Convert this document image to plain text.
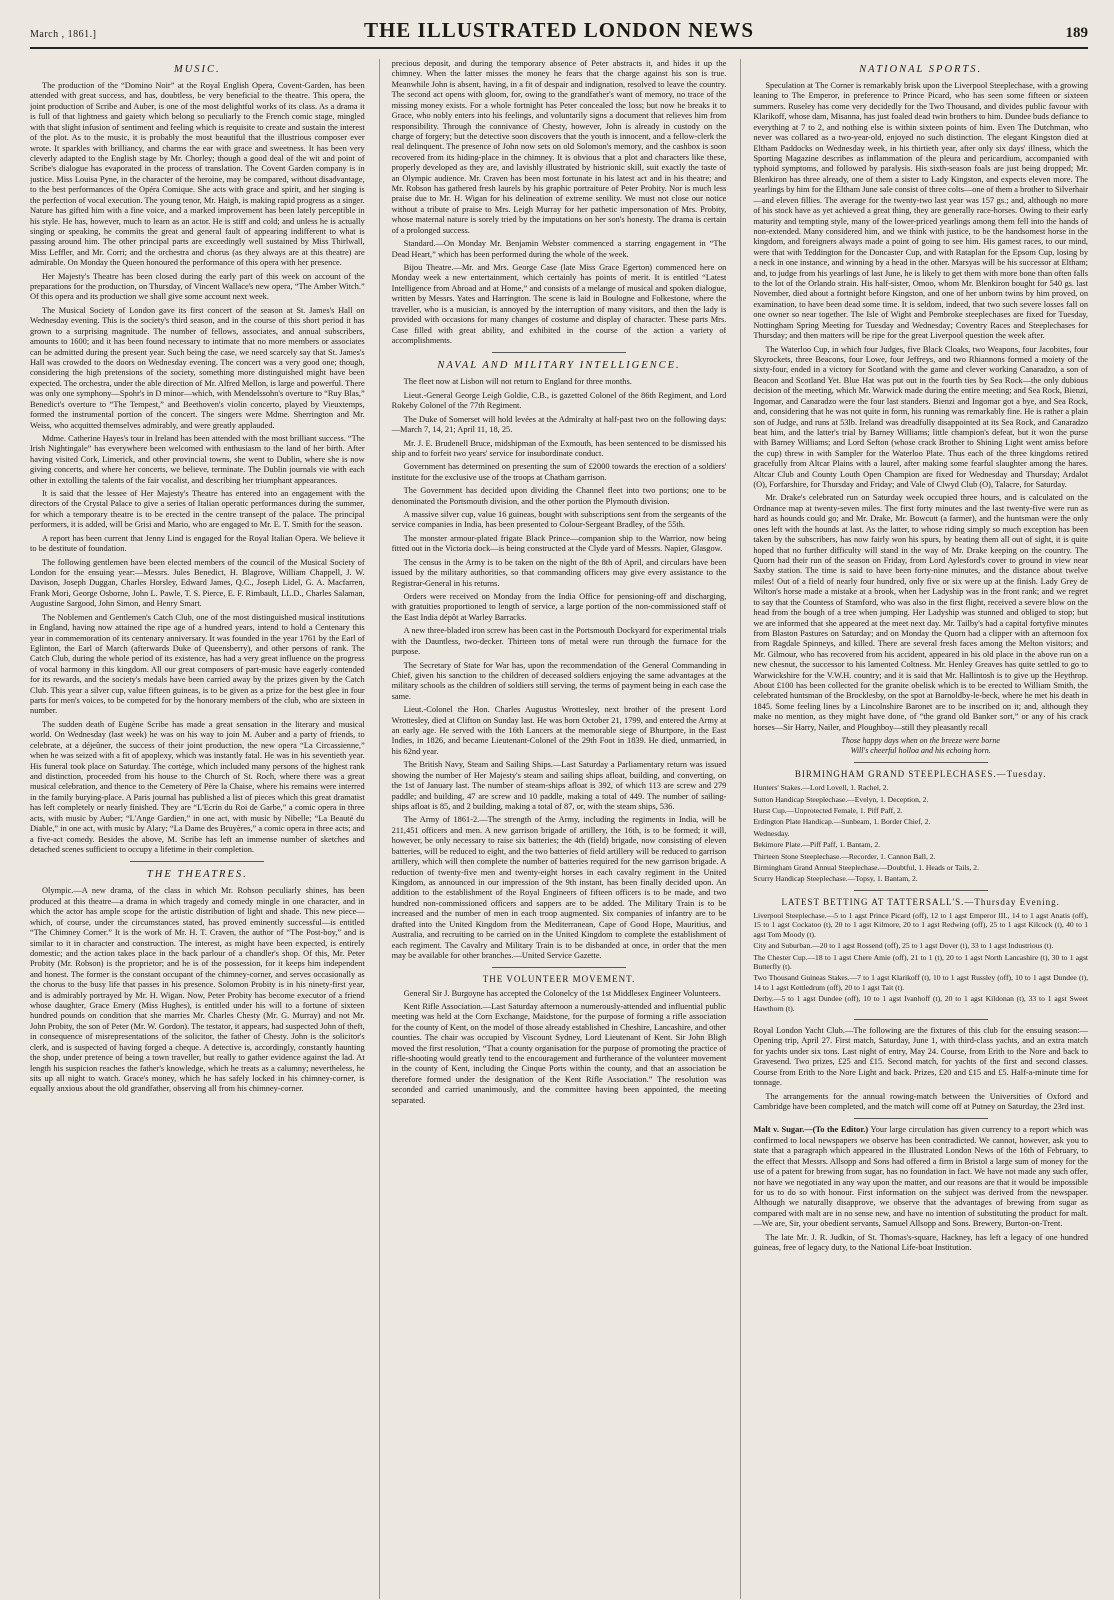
March , 1861.]	THE ILLUSTRATED LONDON NEWS	189
MUSIC.

The production of the “Domino Noir” at the Royal English Opera, Covent-Garden, has been attended with great success, and has, doubtless, be very beneficial to the theatre. This opera, the joint production of Scribe and Auber, is one of the most delightful works of its class. As a drama it is full of that lightness and gaiety which belong so peculiarly to the French comic stage, mingled with that slight infusion of sentiment and feeling which is requisite to create and sustain the interest of the plot. As to the music, it is probably the most beautiful that the illustrious composer ever wrote. It sparkles with brilliancy, and charms the ear with grace and sweetness. It has been very cleverly adapted to the English stage by Mr. Chorley; though a good deal of the wit and point of Scribe's dialogue has evaporated in the process of translation. The Covent Garden company is in justice. Miss Louisa Pyne, in the character of the heroine, may be compared, without disadvantage, to the best performances of the Opéra Comique. She acts with grace and spirit, and her singing is the perfection of vocal execution. The young tenor, Mr. Haigh, is making rapid progress as a singer. Nature has gifted him with a fine voice, and a marked improvement has been lately perceptible in his style. He has, however, much to learn as an actor. He is stiff and cold; and unless he is actually singing or speaking, he commits the great and general fault of appearing indifferent to what is passing around him. The other principal parts are exceedingly well sustained by Miss Thirlwall, Miss Leffler, and Mr. Corri; and the orchestra and chorus (as they always are at this theatre) are admirable. On Monday the Queen honoured the performance of this opera with her presence.

Her Majesty's Theatre has been closed during the early part of this week on account of the preparations for the production, on Thursday, of Vincent Wallace's new opera, “The Amber Witch.” Of this opera and its production we shall give some account next week.

The Musical Society of London gave its first concert of the season at St. James's Hall on Wednesday evening. This is the society's third season, and in the course of this short period it has grown to a surprising magnitude. The number of fellows, associates, and annual subscribers, amounts to 1600; and it has been found necessary to intimate that no more members or associates can be admitted during the present year. Such being the case, we need scarcely say that St. James's Hall was crowded to the doors on Wednesday evening. The concert was a very good one; though, considering the high pretensions of the society, something more distinguished might have been expected. The orchestra, under the able direction of Mr. Alfred Mellon, is large and powerful. There was only one symphony—Spohr's in D minor—which, with Mendelssohn's overture to “Ruy Blas,” Benedict's overture to “The Tempest,” and Beethoven's violin concerto, played by Vieuxtemps, formed the instrumental portion of the concert. The singers were Mdme. Sherrington and Mr. Weiss, who acquitted themselves admirably, and were greatly applauded.

Mdme. Catherine Hayes's tour in Ireland has been attended with the most brilliant success. “The Irish Nightingale” has everywhere been welcomed with enthusiasm to the land of her birth. After having visited Cork, Limerick, and other provincial towns, she went to Dublin, where she is now giving concerts, and where her concerts, we believe, terminate. The Dublin journals vie with each other in extolling the talents of the fair vocalist, and describing her triumphant appearances.

It is said that the lessee of Her Majesty's Theatre has entered into an engagement with the directors of the Crystal Palace to give a series of Italian operatic performances during the summer, for which a temporary theatre is to be erected in the centre transept of the palace. The principal performers, it is added, will be Grisi and Mario, who are engaged to Mr. E. T. Smith for the season.

A report has been current that Jenny Lind is engaged for the Royal Italian Opera. We believe it to be destitute of foundation.

The following gentlemen have been elected members of the council of the Musical Society of London for the ensuing year:—Messrs. Jules Benedict, H. Blagrove, William Chappell, J. W. Davison, Joseph Duggan, Charles Horsley, Edward James, Q.C., Joseph Lidel, G. A. Macfarren, Frank Mori, George Osborne, John L. Pawle, T. S. Pierce, E. F. Rimbault, LL.D., Charles Salaman, Augustine Sargood, John Simon, and Henry Smart.

The Noblemen and Gentlemen's Catch Club, one of the most distinguished musical institutions in England, having now attained the ripe age of a hundred years, intend to hold a Centenary this year in commemoration of its centenary anniversary. It was founded in the year 1761 by the Earl of Eglinton, the Earl of March (afterwards Duke of Queensberry), and other persons of rank. The Catch Club, during the whole period of its existence, has had a very great influence on the progress of vocal harmony in this kingdom. All our great composers of part-music have eagerly contended for its rewards, and the society's medals have been carried away by the prizes given by the Catch Club. This year a silver cup, value fifteen guineas, is to be given as a prize for the best glee in four parts for men's voices, to be competed for by the honorary members of the club, who are sixteen in number.

The sudden death of Eugène Scribe has made a great sensation in the literary and musical world. On Wednesday (last week) he was on his way to join M. Auber and a party of friends, to celebrate, at a déjeûner, the success of their joint production, the new opera “La Circassienne,” when he was seized with a fit of apoplexy, which was instantly fatal. He was in his seventieth year. His funeral took place on Saturday. The cortège, which included many persons of the highest rank and distinction, proceeded from his house to the Church of St. Roch, where there was a great musical celebration, and thence to the Cemetery of Père la Chaise, where his remains were interred in the family burying-place. A Paris journal has published a list of pieces which this great dramatist has left completely or nearly finished. They are “L'Ecrin du Roi de Garbe,” a comic opera in three acts, with music by Auber; “L'Ange Gardien,” in one act, with music by Nibelle; “La Beauté du Diable,” in one act, with music by Alary; “La Dame des Bruyères,” a comic opera in three acts; and a five-act comedy. Besides the above, M. Scribe has left an immense number of sketches and detached scenes sufficient to occupy a lifetime in their completion.

THE THEATRES.

Olympic.—A new drama, of the class in which Mr. Robson peculiarly shines, has been produced at this theatre—a drama in which tragedy and comedy mingle in one character, and in which the actor has ample scope for the artistic distribution of light and shade. This new piece—which, of course, under the circumstances stated, has proved eminently successful—is entitled “The Chimney Corner.” It is the work of Mr. H. T. Craven, the author of “The Post-boy,” and is similar to it in character and construction. The interest, as might have been expected, is entirely domestic; and the action takes place in the back parlour of a chandler's shop. Of this, Mr. Peter Probity (Mr. Robson) is the proprietor; and he is of the possession, for it keeps him independent and honest. The former is the constant occupant of the chimney-corner, and serves occasionally as the chorus to the busy life that passes in his presence. Solomon Probity is in his ninety-first year, and is admirably portrayed by Mr. H. Wigan. Now, Peter Probity has become executor of a friend whose daughter, Grace Emery (Miss Hughes), is entitled under his will to a fortune of sixteen hundred pounds on condition that she marries Mr. Charles Chesty (Mr. G. Murray) and not Mr. John Probity, the son of Peter (Mr. W. Gordon). The testator, it appears, had suspected John of theft, in consequence of misrepresentations of the solicitor, the father of Chesty. John is the solicitor's clerk, and is suspected of having forged a cheque. A detective is, accordingly, constantly haunting the shop, under pretence of being a town traveller, but really to gather evidence against the lad. At length his suspicion reaches the father's knowledge, which he treats as a calumny; nevertheless, he sits up all night to watch. Grace's money, which he has safely locked in his chimney-corner, is equally anxious about the old grandfather, observing all from his chimney-corner.

precious deposit, and during the temporary absence of Peter abstracts it, and hides it up the chimney. When the latter misses the money he fears that the charge against his son is true. Meanwhile John is absent, having, in a fit of despair and indignation, resolved to leave the country. The second act opens with gloom, for, owing to the grandfather's want of memory, no trace of the missing money exists. For a whole fortnight has Peter concealed the loss; but now he breaks it to Grace, who nobly enters into his feelings, and voluntarily signs a document that relieves him from responsibility. Through the connivance of Chesty, however, John is already in custody on the charge of forgery; but the detective soon discovers that the youth is innocent, and a fellow-clerk the real delinquent. The presence of John now sets on old Solomon's memory, and the cashbox is soon recovered from its hiding-place in the chimney. It is obvious that a plot and characters like these, properly developed as they are, and lavishly illustrated by histrionic skill, suit exactly the taste of an Olympic audience. Mr. Craven has been most fortunate in his latest act and in his theatre; and Mr. Robson has gathered fresh laurels by his graphic portraiture of Peter Probity. Nor is much less praise due to Mr. H. Wigan for his delineation of extreme senility. We must not close our notice without a tribute of praise to Mrs. Leigh Murray for her pathetic impersonation of Mrs. Probity, whose maternal nature is sorely tried by the imputations on her son's honesty. The drama is certain of a prolonged success.

Standard.—On Monday Mr. Benjamin Webster commenced a starring engagement in “The Dead Heart,” which has been performed during the whole of the week.

Bijou Theatre.—Mr. and Mrs. George Case (late Miss Grace Egerton) commenced here on Monday week a new entertainment, which certainly has points of merit. It is entitled “Latest Intelligence from Abroad and at Home,” and consists of a melange of musical and spoken dialogue, written by Messrs. Yates and Harrington. The scene is laid in Boulogne and Folkestone, where the traveller, who is a musician, is annoyed by the interruption of many visitors, and then the lady is provided with occasions for many changes of costume and display of character. These parts Mrs. Case filled with great ability, and exhibited in the course of the action a variety of accomplishments.

NAVAL AND MILITARY INTELLIGENCE.

The fleet now at Lisbon will not return to England for three months.

Lieut.-General George Leigh Goldie, C.B., is gazetted Colonel of the 86th Regiment, and Lord Rokeby Colonel of the 77th Regiment.

The Duke of Somerset will hold levées at the Admiralty at half-past two on the following days:—March 7, 14, 21; April 11, 18, 25.

Mr. J. E. Brudenell Bruce, midshipman of the Exmouth, has been sentenced to be dismissed his ship and to forfeit two years' service for insubordinate conduct.

Government has determined on presenting the sum of £2000 towards the erection of a soldiers' institute for the exclusive use of the troops at Chatham garrison.

The Government has decided upon dividing the Channel fleet into two portions; one to be denominated the Portsmouth division, and the other portion the Plymouth division.

A massive silver cup, value 16 guineas, bought with subscriptions sent from the sergeants of the service companies in India, has been presented to Colour-Sergeant Bradley, of the 55th.

The monster armour-plated frigate Black Prince—companion ship to the Warrior, now being fitted out in the Victoria dock—is being constructed at the Clyde yard of Messrs. Napier, Glasgow.

The census in the Army is to be taken on the night of the 8th of April, and circulars have been issued by the military authorities, so that commanding officers may give every assistance to the Registrar-General in his returns.

Orders were received on Monday from the India Office for pensioning-off and discharging, with gratuities proportioned to length of service, a large portion of the non-commissioned staff of the East India dépôt at Warley Barracks.

A new three-bladed iron screw has been cast in the Portsmouth Dockyard for experimental trials with the Dauntless, two-decker. Thirteen tons of metal were run through the furnace for the purpose.

The Secretary of State for War has, upon the recommendation of the General Commanding in Chief, given his sanction to the children of deceased soldiers enjoying the same advantages at the military schools as the children of soldiers still serving, the terms of payment being in each case the same.

Lieut.-Colonel the Hon. Charles Augustus Wrottesley, next brother of the present Lord Wrottesley, died at Clifton on Sunday last. He was born October 21, 1799, and entered the Army at an early age. He served with the 16th Lancers at the memorable siege of Bhurtpore, in the East Indies, in 1826, and became Lieutenant-Colonel of the 29th Foot in 1839. He died, unmarried, in his 62nd year.

The British Navy, Steam and Sailing Ships.—Last Saturday a Parliamentary return was issued showing the number of Her Majesty's steam and sailing ships afloat, building, and converting, on the 1st of January last. The number of steam-ships afloat is 392, of which 113 are screw and 279 paddle; and building, 47 are screw and 10 paddle, making a total of 449. The number of sailing-ships afloat is 85, and 2 building, making a total of 87, or, with the steam ships, 536.

The Army of 1861-2.—The strength of the Army, including the regiments in India, will be 211,451 officers and men. A new garrison brigade of artillery, the 16th, is to be formed; it will, however, be only necessary to raise six batteries; the 4th (field) brigade, now consisting of eleven batteries, will be reduced to eight, and the two batteries of field artillery will be reduced to garrison artillery, which will then complete the number of batteries required for the new garrison brigade. A reduction of twenty-five men and twenty-eight horses in each cavalry regiment in the United Kingdom, as announced in our impression of the 9th instant, has been finally decided upon. An addition to the establishment of the Royal Engineers of fifteen officers is to be made, and two hundred non-commissioned officers and sappers are to be added. The Military Train is to be increased and the number of men in each troop augmented. Six companies of infantry are to be drafted into the United Kingdom from the Mediterranean, Cape of Good Hope, Mauritius, and Australia, and recruiting to be carried on in the United Kingdom to complete the establishment of each regiment. The Cavalry and Military Train is to be disbanded at once, in order that the men may be available for other branches.—United Service Gazette.

THE VOLUNTEER MOVEMENT.

General Sir J. Burgoyne has accepted the Colonelcy of the 1st Middlesex Engineer Volunteers.

Kent Rifle Association.—Last Saturday afternoon a numerously-attended and influential public meeting was held at the Corn Exchange, Maidstone, for the purpose of forming a rifle association for the county of Kent, on the model of those already established in Cheshire, Lancashire, and other counties. The chair was occupied by Viscount Sydney, Lord Lieutenant of Kent. Sir John Bligh moved the first resolution, “That a county organisation for the purpose of promoting the practice of rifle-shooting would greatly tend to the encouragement and furtherance of the volunteer movement in the county of Kent, including the Cinque Ports within the county, and that an association be therefore formed under the designation of the Kent Rifle Association.” The resolution was seconded and carried unanimously, and the committee having been appointed, the meeting separated.

NATIONAL SPORTS.

Speculation at The Corner is remarkably brisk upon the Liverpool Steeplechase, with a growing leaning to The Emperor, in preference to Prince Picard, who has seen some fifteen or sixteen summers. Ruseley has come very decidedly for the Two Thousand, and divides public favour with Klarikoff, whose dam, Misanna, has just foaled dead twin brothers to him. Dundee buds defiance to everything at 7 to 2, and nothing else is within sixteen points of him. Even The Dutchman, who never was collared as a two-year-old, enjoyed no such distinction. The elegant Kingston died at Eltham Paddocks on Wednesday week, in his thirtieth year, after only six days' illness, which the Sporting Magazine describes as inflammation of the pleura and pericardium, accompanied with typhoid symptoms, and followed by paralysis. His sixth-season foals are just being dropped; Mr. Blenkiron has three already, one of them a sister to Lady Kingston, and expects eleven more. The yearlings by him for the Eltham June sale consist of three colts—one of them a brother to Silverhair—and eleven fillies. The average for the twenty-two last year was 157 gs.; and, although no more of his stock have as yet achieved a great thing, they are generally race-horses. Owing to their early maturity and tempting style, many of the lower-priced yearlings among them fell into the hands of non-extended. Many considered him, and we think with justice, to be the handsomest horse in the kingdom, and foreigners always made a point of going to see him. His gamest races, to our mind, were that with Teddington for the Doncaster Cup, and with Rataplan for the Epsom Cup, losing by a neck in one instance, and winning by a head in the other. Marsyas will be his successor at Eltham; and, to judge from his yearlings of last June, he is likely to get them with more bone than often falls to the lot of the Orlando strain. His half-sister, Omoo, whom Mr. Blenkiron bought for 540 gs. last November, died about a fortnight before Kingston, and one of her unborn twins by him proved, on examination, to have been dead some time. It is seldom, indeed, that two such severe losses fall on one owner so near together. The Isle of Wight and Pembroke steeplechases are fixed for Tuesday, Nottingham Spring Meeting for Tuesday and Wednesday; Coventry Races and Steeplechases for Thursday; and then matters will be ripe for the great Liverpool question the week after.

The Waterloo Cup, in which four Judges, five Black Cloaks, two Weapons, four Jacobites, four Skyrockets, three Beacons, four Lowe, four Jeffreys, and two Rhiannons formed a moiety of the sixty-four, ended in a victory for Scotland with the game and clever working Canaradzo, a son of Beacon and Scotland Yet. Blue Hat was put out in the fourth ties by Sea Rock—the only dubious decision of the meeting, which Mr. Warwick made during the entire meeting; and Sea Rock, Bienzi, Ingomar, and Canaradzo were the four last standers. Bienzi and Ingomar got a bye, and Sea Rock, and, considering that he was not quite in form, his running was remarkably fine. He is rather a plain son of Judge, and runs at 53lb. Ireland was dreadfully disappointed at its Sea Rock, and Canaradzo beat him, and the latter's trial by Barney Williams; little champion's defeat, but it won the purse with Barney Williams; and Lord Sefton (whose crack Brother to Shining Light went amiss before the cup) threw in with Sampler for the Waterloo Plate. Thus each of the three kingdoms retired gracefully from Altcar Plains with a laurel, after making some fearful slaughter among the hares. Altcar Club and County Louth Open Champion are fixed for Wednesday and Thursday; Ardalot (O), Forfarshire, for Thursday and Friday; and Vale of Clwyd Club (O), Talacre, for Saturday.

Mr. Drake's celebrated run on Saturday week occupied three hours, and is calculated on the Ordnance map at twenty-seven miles. The first forty minutes and the last twenty-five were run as hard as hounds could go; and Mr. Drake, Mr. Bowcutt (a farmer), and the huntsman were the only ones left with the hounds at last. As the latter, to whose riding simply so much exception has been taken by the subscribers, has now fairly won his spurs, by beating them all out of sight, it is quite hoped that no further difficulty will stand in the way of Mr. Drake keeping on the country. The Quorn had their run of the season on Friday, from Lord Aylesford's cover to ground in view near Saxby station. The time is said to have been forty-nine minutes, and the distance about twelve miles! Out of a field of nearly four hundred, only five or six were up at the finish. Lady Grey de Wilton's horse made a mistake at a brook, when her Ladyship was in the front rank; and we regret to say that the Countess of Stamford, who was also in the first flight, received a severe blow on the head from the bough of a tree when jumping. Her Ladyship was stunned and obliged to stop; but we are informed that she appeared at the meet next day. Mr. Tailby's had a capital fortyfive minutes from Blaston Pastures on Saturday; and on Monday the Quorn had a clipper with an afternoon fox from Ragdale Spinneys, and killed. There are several fresh faces among the Melton visitors; and Mr. Gilmour, who has recovered from his accident, appeared in his old place in the above run on a new chesnut, the successor to his lamented Coltness. Mr. Henley Greaves has quite settled to go to Warwickshire for the V.W.H. country; and it is said that Mr. Hallintosh is to give up the Heythrop. About £100 has been collected for the granite obelisk which is to be erected to William Smith, the celebrated huntsman of the Brocklesby, on the spot at Barnoldby-le-beck, where he met his death in 1845. Some feeling lines by a Lincolnshire Baronet are to be inscribed on it; and, although they make no mention, as they might have done, of “the grand old Banker sort,” or any of his crack horses—Sir Harry, Nailer, and Ploughboy—still they pleasantly recall

Those happy days when on the breeze were borne
Will's cheerful holloa and his echoing horn.
BIRMINGHAM GRAND STEEPLECHASES.—Tuesday.

Hunters' Stakes.—Lord Lovell, 1. Rachel, 2.

Sutton Handicap Steeplechase.—Evelyn, 1. Deception, 2.

Hurst Cup.—Unprotected Female, 1. Piff Paff, 2.

Erdington Plate Handicap.—Sunbeam, 1. Border Chief, 2.

Wednesday.

Bekimore Plate.—Piff Paff, 1. Bantam, 2.

Thirteen Stone Steeplechase.—Recorder, 1. Cannon Ball, 2.

Birmingham Grand Annual Steeplechase.—Doubtful, 1. Heads or Tails, 2.

Scurry Handicap Steeplechase.—Topsy, 1. Bantam, 2.

LATEST BETTING AT TATTERSALL'S.—Thursday Evening.

Liverpool Steeplechase.—5 to 1 agst Prince Picard (off), 12 to 1 agst Emperor III., 14 to 1 agst Anatis (off), 15 to 1 agst Cockatoo (t), 20 to 1 agst Kilmore, 20 to 1 agst Redwing (off), 25 to 1 agst Kilcock (t), 40 to 1 agst Tom Moody (t).

City and Suburban.—20 to 1 agst Rossend (off), 25 to 1 agst Dover (t), 33 to 1 agst Industrious (t).

The Chester Cup.—18 to 1 agst Chere Amie (off), 21 to 1 (t), 20 to 1 agst North Lancashire (t), 30 to 1 agst Butterfly (t).

Two Thousand Guineas Stakes.—7 to 1 agst Klarikoff (t), 10 to 1 agst Russley (off), 10 to 1 agst Dundee (t), 14 to 1 agst Kettledrum (off), 20 to 1 agst Tait (t).

Derby.—5 to 1 agst Dundee (off), 10 to 1 agst Ivanhoff (t), 20 to 1 agst Kildonan (t), 33 to 1 agst Sweet Hawthorn (t).

Royal London Yacht Club.—The following are the fixtures of this club for the ensuing season:—Opening trip, April 27. First match, Saturday, June 1, with third-class yachts, and an extra match for yachts under six tons. Last night of entry, May 24. Course, from Erith to the Nore and back to Gravesend. Two prizes, £25 and £15. Second match, for yachts of the first and second classes. Course from Erith to the Nore Light and back. Prizes, £20 and £15 and £5. Half-a-minute time for tonnage.

The arrangements for the annual rowing-match between the Universities of Oxford and Cambridge have been completed, and the match will come off at Putney on Saturday, the 23rd inst.

Malt v. Sugar.—(To the Editor.) Your large circulation has given currency to a report which was confirmed to local newspapers we observe has been contradicted. We cannot, however, ask you to state that a paragraph which appeared in the Illustrated London News of the 16th of February, to the effect that Messrs. Allsopp and Sons had offered a firm in Bristol a large sum of money for the use of a patent for brewing from sugar, has no foundation in fact. We have not made any such offer, nor have we negotiated in any way upon the matter, and our reasons are that it would be impossible for us to do so with honour. First information on the subject was derived from the newspaper. Although we naturally disapprove, we observe that the advantages of brewing from sugar as compared with malt are in no sense new, and have no intention of substituting the product for malt.—We are, Sir, your obedient servants, Samuel Allsopp and Sons. Brewery, Burton-on-Trent.

The late Mr. J. R. Judkin, of St. Thomas's-square, Hackney, has left a legacy of one hundred guineas, free of legacy duty, to the National Life-boat Institution.
